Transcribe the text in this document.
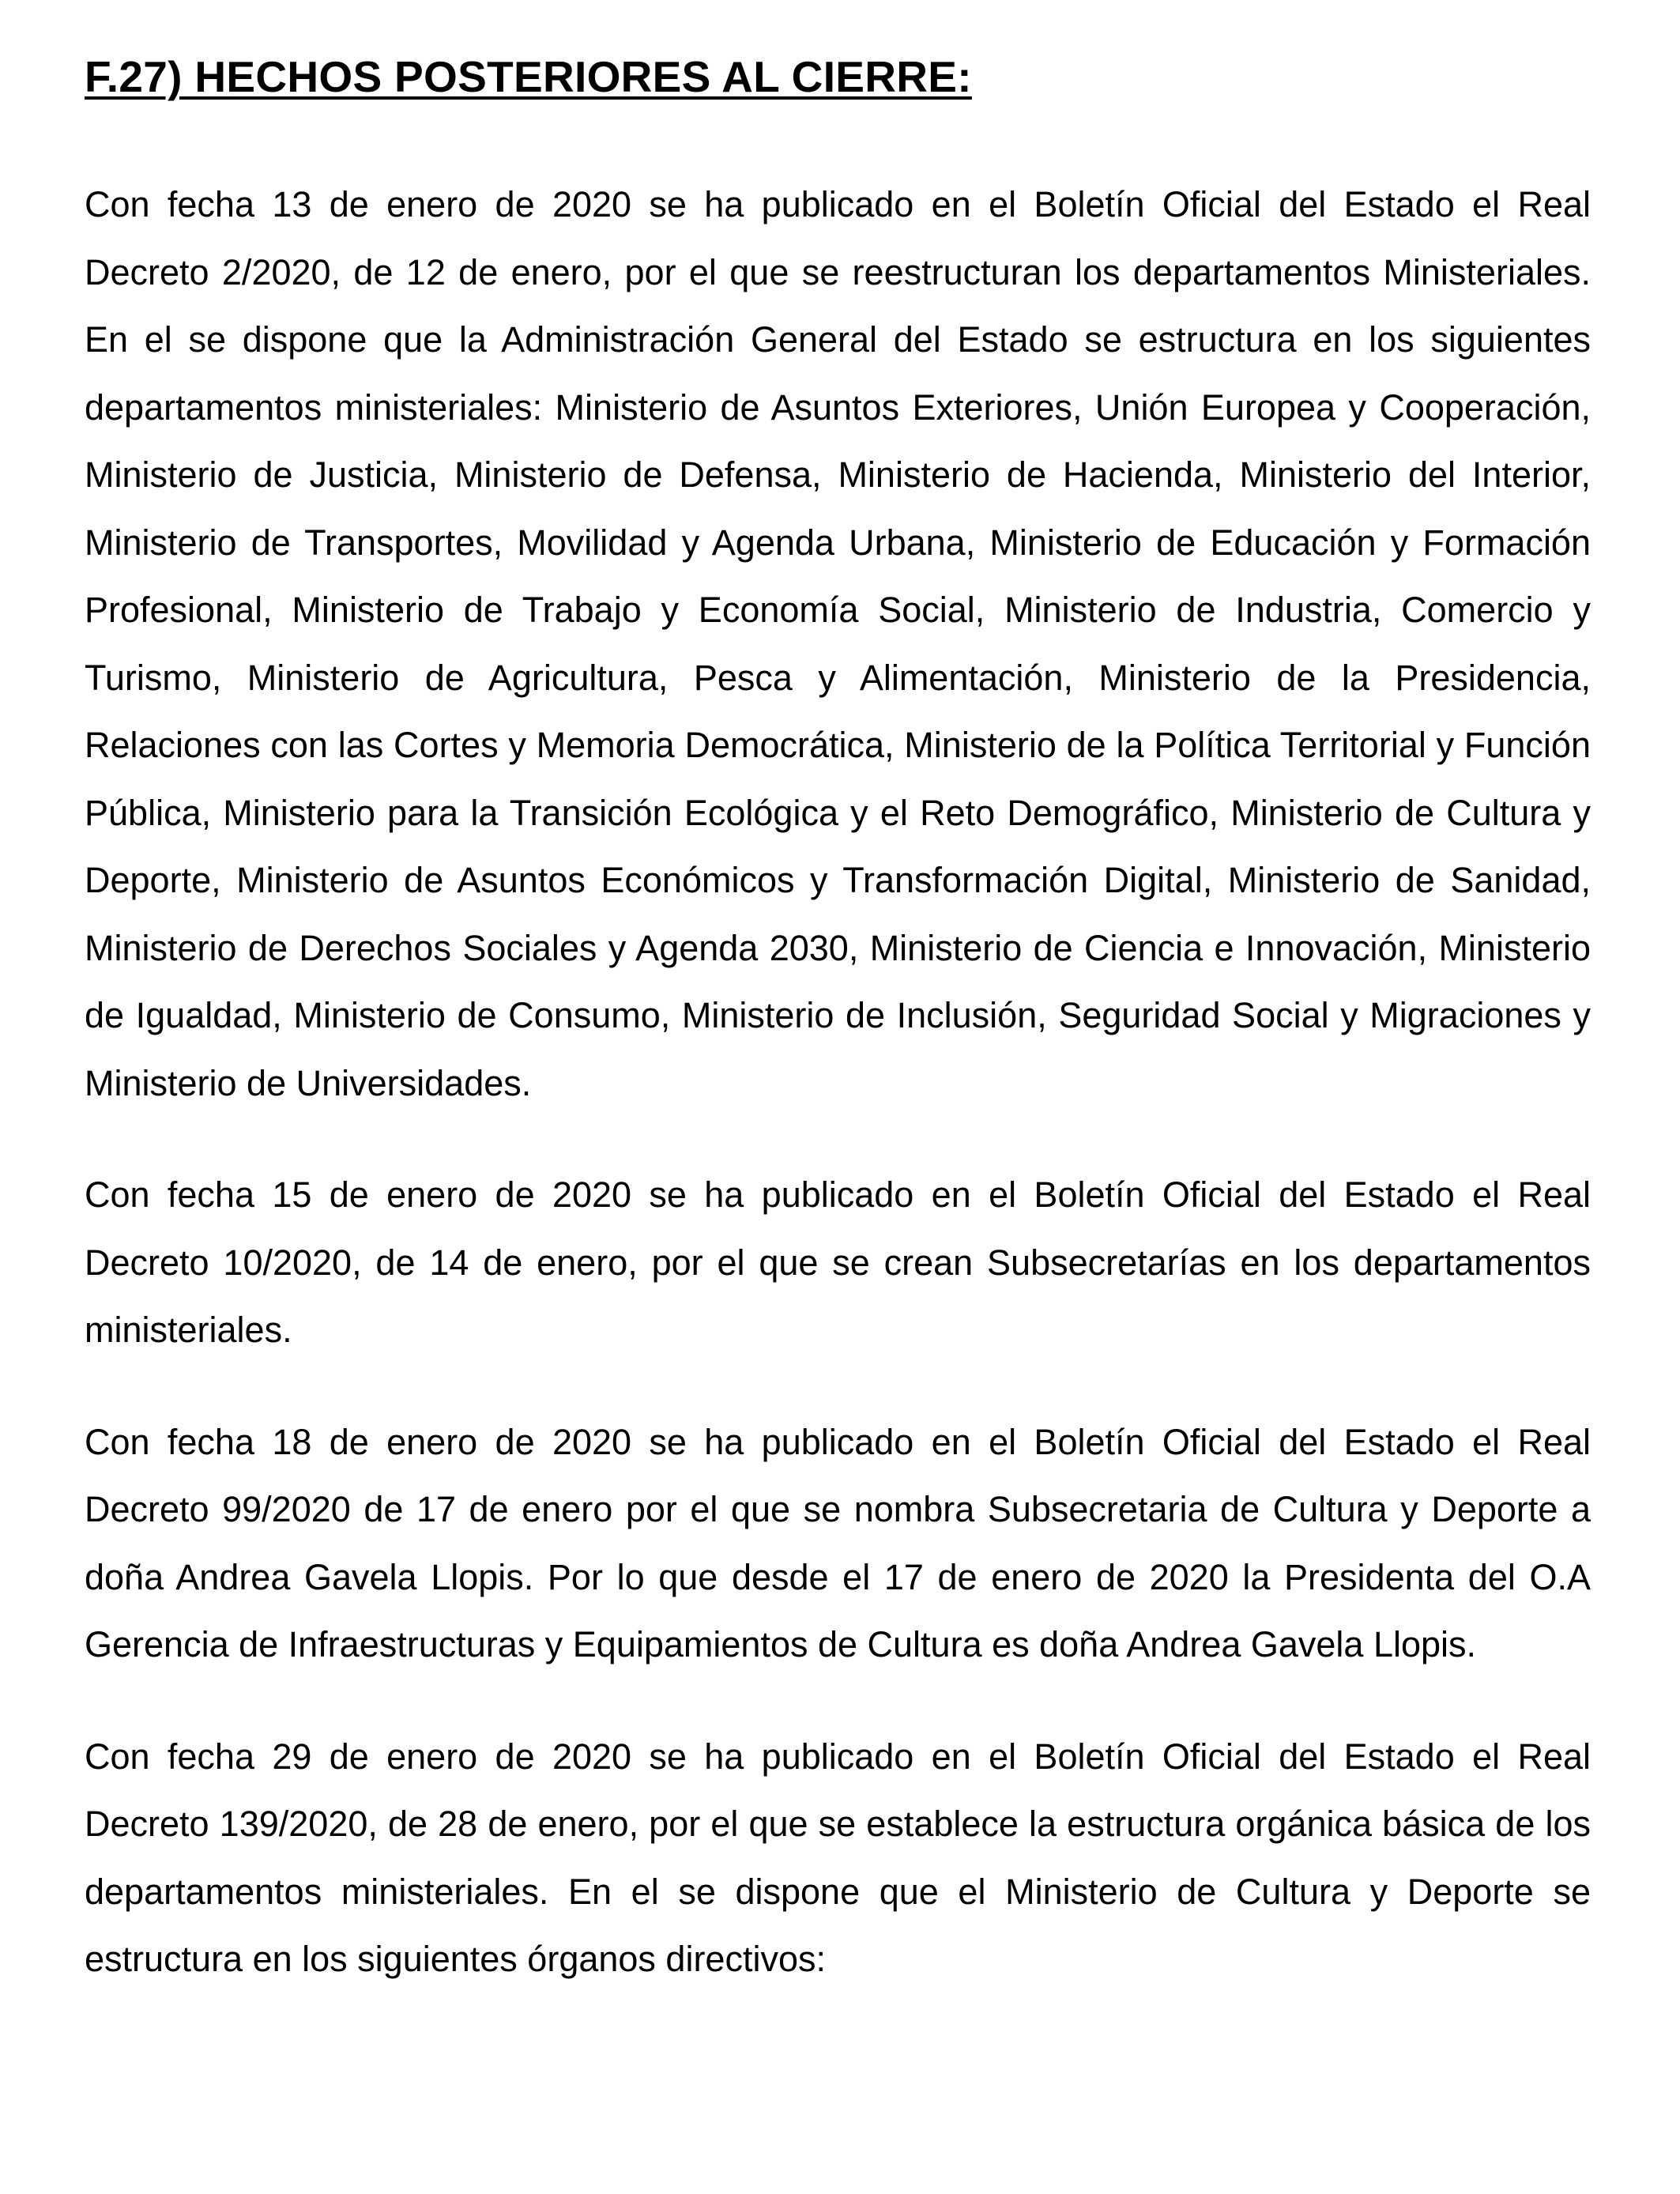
F.27) HECHOS POSTERIORES AL CIERRE:

Con fecha 13 de enero de 2020 se ha publicado en el Boletín Oficial del Estado el Real Decreto 2/2020, de 12 de enero, por el que se reestructuran los departamentos Ministeriales. En el se dispone que la Administración General del Estado se estructura en los siguientes departamentos ministeriales: Ministerio de Asuntos Exteriores, Unión Europea y Cooperación, Ministerio de Justicia, Ministerio de Defensa, Ministerio de Hacienda, Ministerio del Interior, Ministerio de Transportes, Movilidad y Agenda Urbana, Ministerio de Educación y Formación Profesional, Ministerio de Trabajo y Economía Social, Ministerio de Industria, Comercio y Turismo, Ministerio de Agricultura, Pesca y Alimentación, Ministerio de la Presidencia, Relaciones con las Cortes y Memoria Democrática, Ministerio de la Política Territorial y Función Pública, Ministerio para la Transición Ecológica y el Reto Demográfico, Ministerio de Cultura y Deporte, Ministerio de Asuntos Económicos y Transformación Digital, Ministerio de Sanidad, Ministerio de Derechos Sociales y Agenda 2030, Ministerio de Ciencia e Innovación, Ministerio de Igualdad, Ministerio de Consumo, Ministerio de Inclusión, Seguridad Social y Migraciones y Ministerio de Universidades.

Con fecha 15 de enero de 2020 se ha publicado en el Boletín Oficial del Estado el Real Decreto 10/2020, de 14 de enero, por el que se crean Subsecretarías en los departamentos ministeriales.

Con fecha 18 de enero de 2020 se ha publicado en el Boletín Oficial del Estado el Real Decreto 99/2020 de 17 de enero por el que se nombra Subsecretaria de Cultura y Deporte a doña Andrea Gavela Llopis. Por lo que desde el 17 de enero de 2020 la Presidenta del O.A Gerencia de Infraestructuras y Equipamientos de Cultura es doña Andrea Gavela Llopis.

Con fecha 29 de enero de 2020 se ha publicado en el Boletín Oficial del Estado el Real Decreto 139/2020, de 28 de enero, por el que se establece la estructura orgánica básica de los departamentos ministeriales. En el se dispone que el Ministerio de Cultura y Deporte se estructura en los siguientes órganos directivos:
